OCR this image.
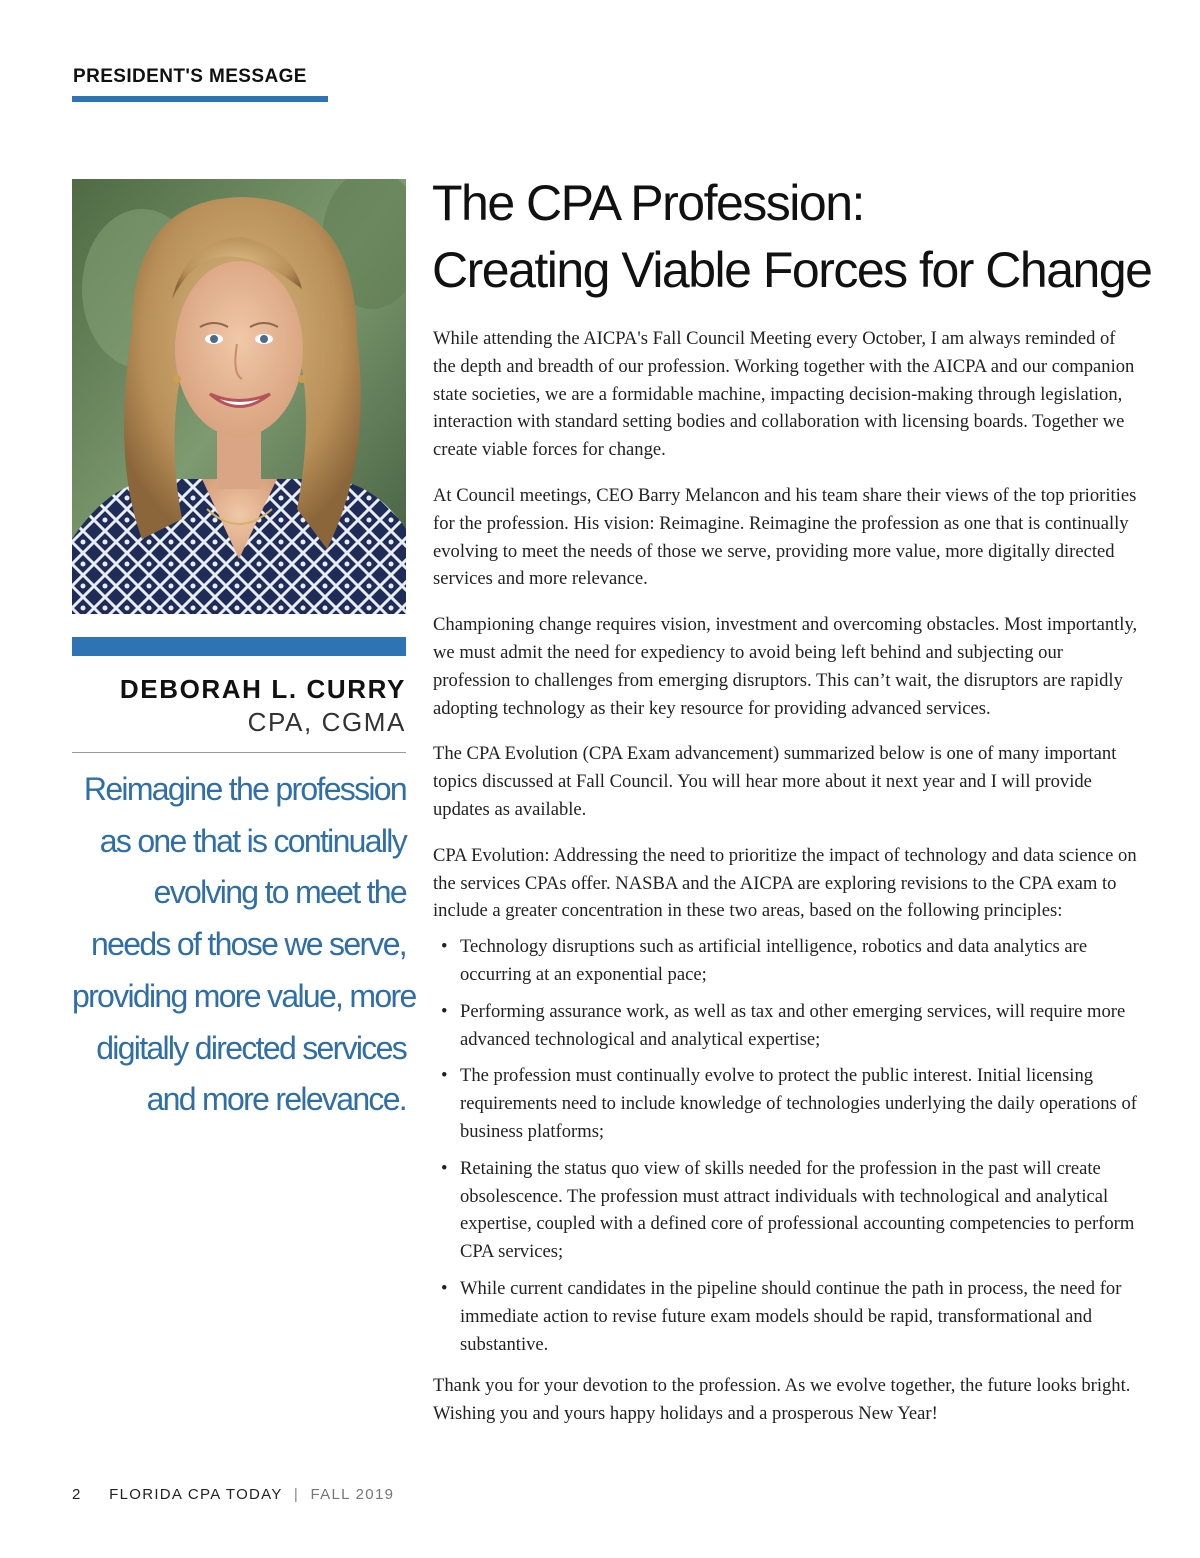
PRESIDENT'S MESSAGE
DEBORAH L. CURRY
CPA, CGMA
Reimagine the profession
as one that is continually
evolving to meet the
needs of those we serve,
providing more value, more
digitally directed services
and more relevance.
The CPA Profession:
Creating Viable Forces for Change

While attending the AICPA's Fall Council Meeting every October, I am always reminded of the depth and breadth of our profession. Working together with the AICPA and our companion state societies, we are a formidable machine, impacting decision-making through legislation, interaction with standard setting bodies and collaboration with licensing boards. Together we create viable forces for change.

At Council meetings, CEO Barry Melancon and his team share their views of the top priorities for the profession. His vision: Reimagine. Reimagine the profession as one that is continually evolving to meet the needs of those we serve, providing more value, more digitally directed services and more relevance.

Championing change requires vision, investment and overcoming obstacles. Most importantly, we must admit the need for expediency to avoid being left behind and subjecting our profession to challenges from emerging disruptors. This can’t wait, the disruptors are rapidly adopting technology as their key resource for providing advanced services.

The CPA Evolution (CPA Exam advancement) summarized below is one of many important topics discussed at Fall Council. You will hear more about it next year and I will provide updates as available.

CPA Evolution: Addressing the need to prioritize the impact of technology and data science on the services CPAs offer. NASBA and the AICPA are exploring revisions to the CPA exam to include a greater concentration in these two areas, based on the following principles:

• Technology disruptions such as artificial intelligence, robotics and data analytics are occurring at an exponential pace;
• Performing assurance work, as well as tax and other emerging services, will require more advanced technological and analytical expertise;
• The profession must continually evolve to protect the public interest. Initial licensing requirements need to include knowledge of technologies underlying the daily operations of business platforms;
• Retaining the status quo view of skills needed for the profession in the past will create obsolescence. The profession must attract individuals with technological and analytical expertise, coupled with a defined core of professional accounting competencies to perform CPA services;
• While current candidates in the pipeline should continue the path in process, the need for immediate action to revise future exam models should be rapid, transformational and substantive.

Thank you for your devotion to the profession. As we evolve together, the future looks bright. Wishing you and yours happy holidays and a prosperous New Year!

2 FLORIDA CPA TODAY | FALL 2019
